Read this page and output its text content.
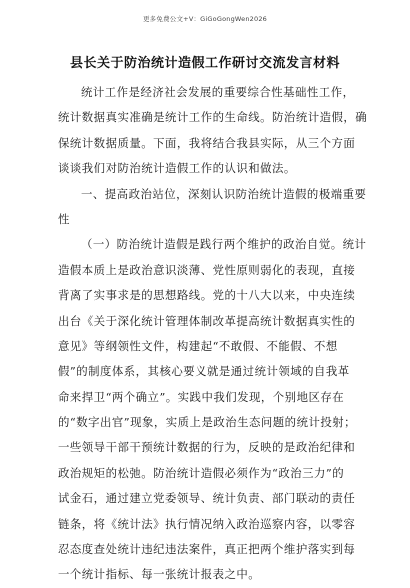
更多免费公文+V：GiGoGongWen2026
县长关于防治统计造假工作研讨交流发言材料
统计工作是经济社会发展的重要综合性基础性工作，
统计数据真实准确是统计工作的生命线。防治统计造假，确
保统计数据质量。下面，我将结合我县实际，从三个方面
谈谈我们对防治统计造假工作的认识和做法。
一、提高政治站位，深刻认识防治统计造假的极端重要
性
（一）防治统计造假是践行两个维护的政治自觉。统计
造假本质上是政治意识淡薄、党性原则弱化的表现，直接
背离了实事求是的思想路线。党的十八大以来，中央连续
出台《关于深化统计管理体制改革提高统计数据真实性的
意见》等纲领性文件，构建起“不敢假、不能假、不想
假”的制度体系，其核心要义就是通过统计领域的自我革
命来捍卫“两个确立”。实践中我们发现，个别地区存在
的“数字出官”现象，实质上是政治生态问题的统计投射；
一些领导干部干预统计数据的行为，反映的是政治纪律和
政治规矩的松弛。防治统计造假必须作为“政治三力”的
试金石，通过建立党委领导、统计负责、部门联动的责任
链条，将《统计法》执行情况纳入政治巡察内容，以零容
忍态度查处统计违纪违法案件，真正把两个维护落实到每
一个统计指标、每一张统计报表之中。
